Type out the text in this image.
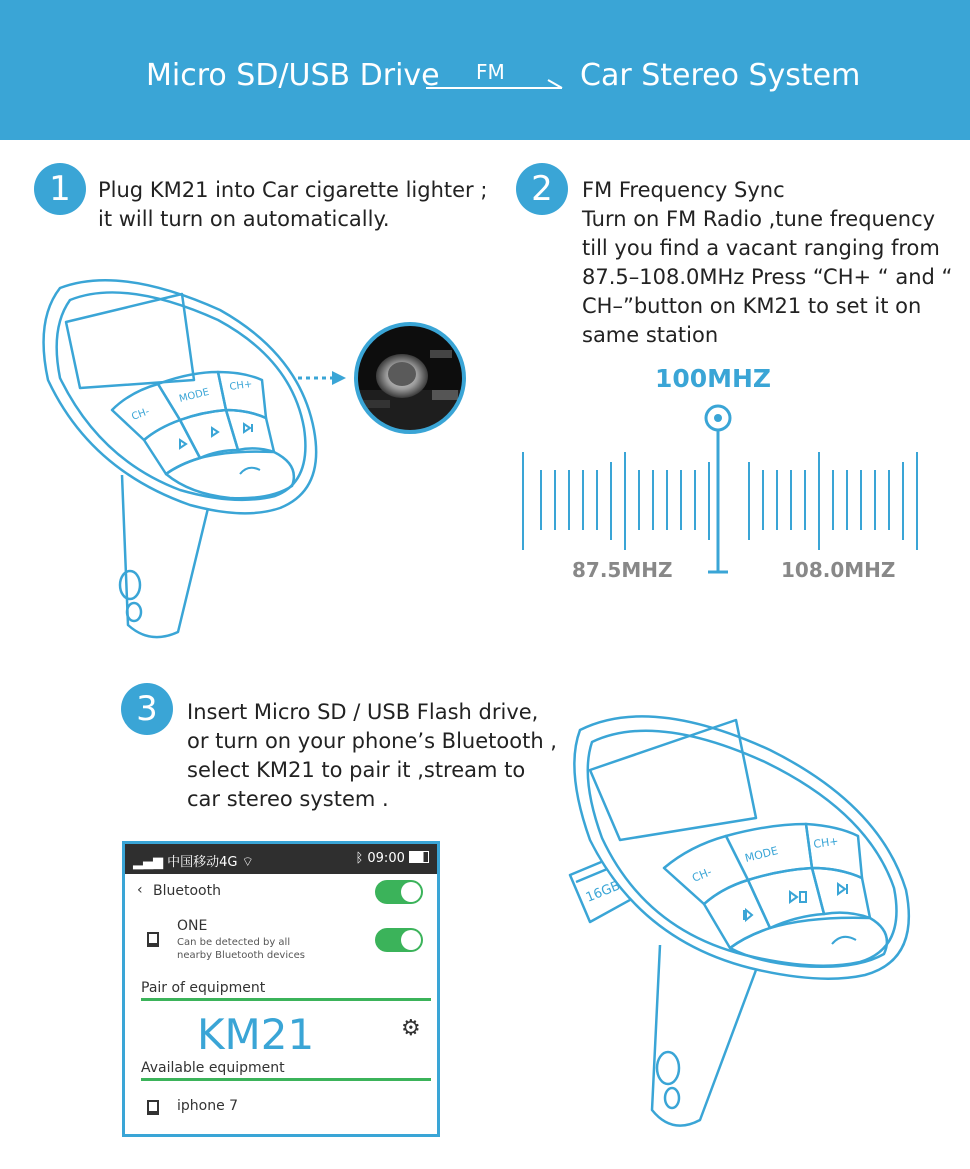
Micro SD/USB Drive FM	Car Stereo System
1	Plug KM21 into Car cigarette lighter ;
it will turn on automatically.
2	FM Frequency Sync
Turn on FM Radio ,tune frequency
till you find a vacant ranging from
87.5–108.0MHz Press “CH+ “ and “
CH–”button on KM21 to set it on
same station
3	Insert Micro SD / USB Flash drive,
or turn on your phone’s Bluetooth ,
select KM21 to pair it ,stream to
car stereo system .
CH-
MODE
CH+	100MHZ
87.5MHZ	108.0MHZ
▂▄▆ 中国移动4G ⌔	ᛒ 09:00
‹ Bluetooth
ONE
Can be detected by all
nearby Bluetooth devices
Pair of equipment
KM21	⚙
Available equipment
iphone 7
16GB
CH-
MODE
CH+
